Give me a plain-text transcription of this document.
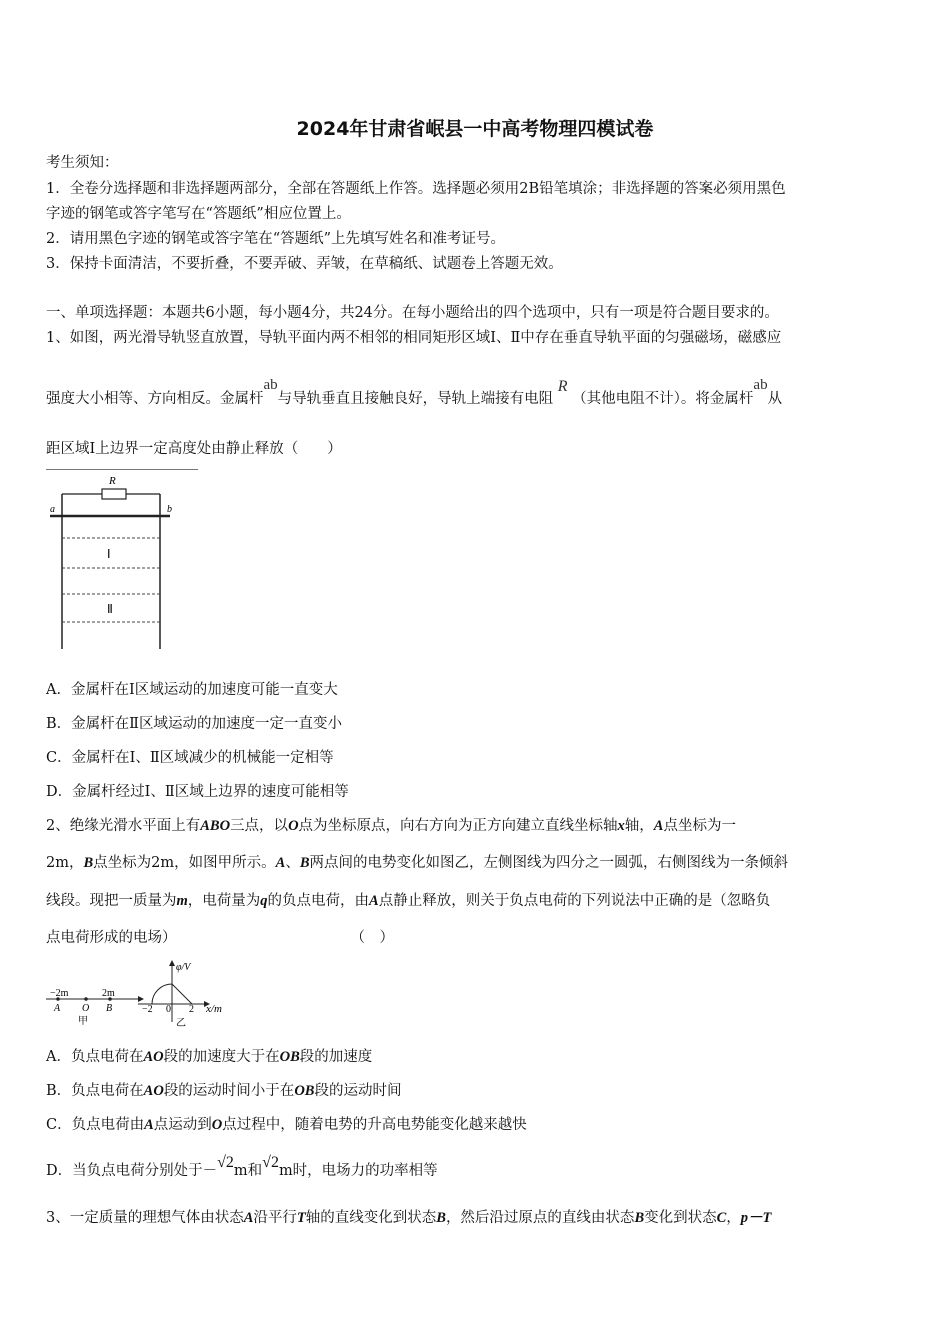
2024年甘肃省岷县一中高考物理四模试卷
考生须知：
1．全卷分选择题和非选择题两部分，全部在答题纸上作答。选择题必须用2B铅笔填涂；非选择题的答案必须用黑色
字迹的钢笔或答字笔写在“答题纸”相应位置上。
2．请用黑色字迹的钢笔或答字笔在“答题纸”上先填写姓名和准考证号。
3．保持卡面清洁，不要折叠，不要弄破、弄皱，在草稿纸、试题卷上答题无效。
一、单项选择题：本题共6小题，每小题4分，共24分。在每小题给出的四个选项中，只有一项是符合题目要求的。
1、如图，两光滑导轨竖直放置，导轨平面内两不相邻的相同矩形区域Ⅰ、Ⅱ中存在垂直导轨平面的匀强磁场，磁感应
强度大小相等、方向相反。金属杆ab与导轨垂直且接触良好，导轨上端接有电阻 R （其他电阻不计）。将金属杆ab从
距区域Ⅰ上边界一定高度处由静止释放（　　）
R
a	b
Ⅰ
Ⅱ
A．金属杆在Ⅰ区域运动的加速度可能一直变大
B．金属杆在Ⅱ区域运动的加速度一定一直变小
C．金属杆在Ⅰ、Ⅱ区域减少的机械能一定相等
D．金属杆经过Ⅰ、Ⅱ区域上边界的速度可能相等
2、绝缘光滑水平面上有ABO三点，以O点为坐标原点，向右方向为正方向建立直线坐标轴x轴，A点坐标为一
2m，B点坐标为2m，如图甲所示。A、B两点间的电势变化如图乙，左侧图线为四分之一圆弧，右侧图线为一条倾斜
线段。现把一质量为m，电荷量为q的负点电荷，由A点静止释放，则关于负点电荷的下列说法中正确的是（忽略负
点电荷形成的电场）　　　　　　　　　　　　　（　）
−2m	2m
A O B
甲
φ/V
x/m
−2 0 2
乙
A．负点电荷在AO段的加速度大于在OB段的加速度
B．负点电荷在AO段的运动时间小于在OB段的运动时间
C．负点电荷由A点运动到O点过程中，随着电势的升高电势能变化越来越快
D．当负点电荷分别处于－√2m和√2m时，电场力的功率相等
3、一定质量的理想气体由状态A沿平行T轴的直线变化到状态B，然后沿过原点的直线由状态B变化到状态C，p－T
